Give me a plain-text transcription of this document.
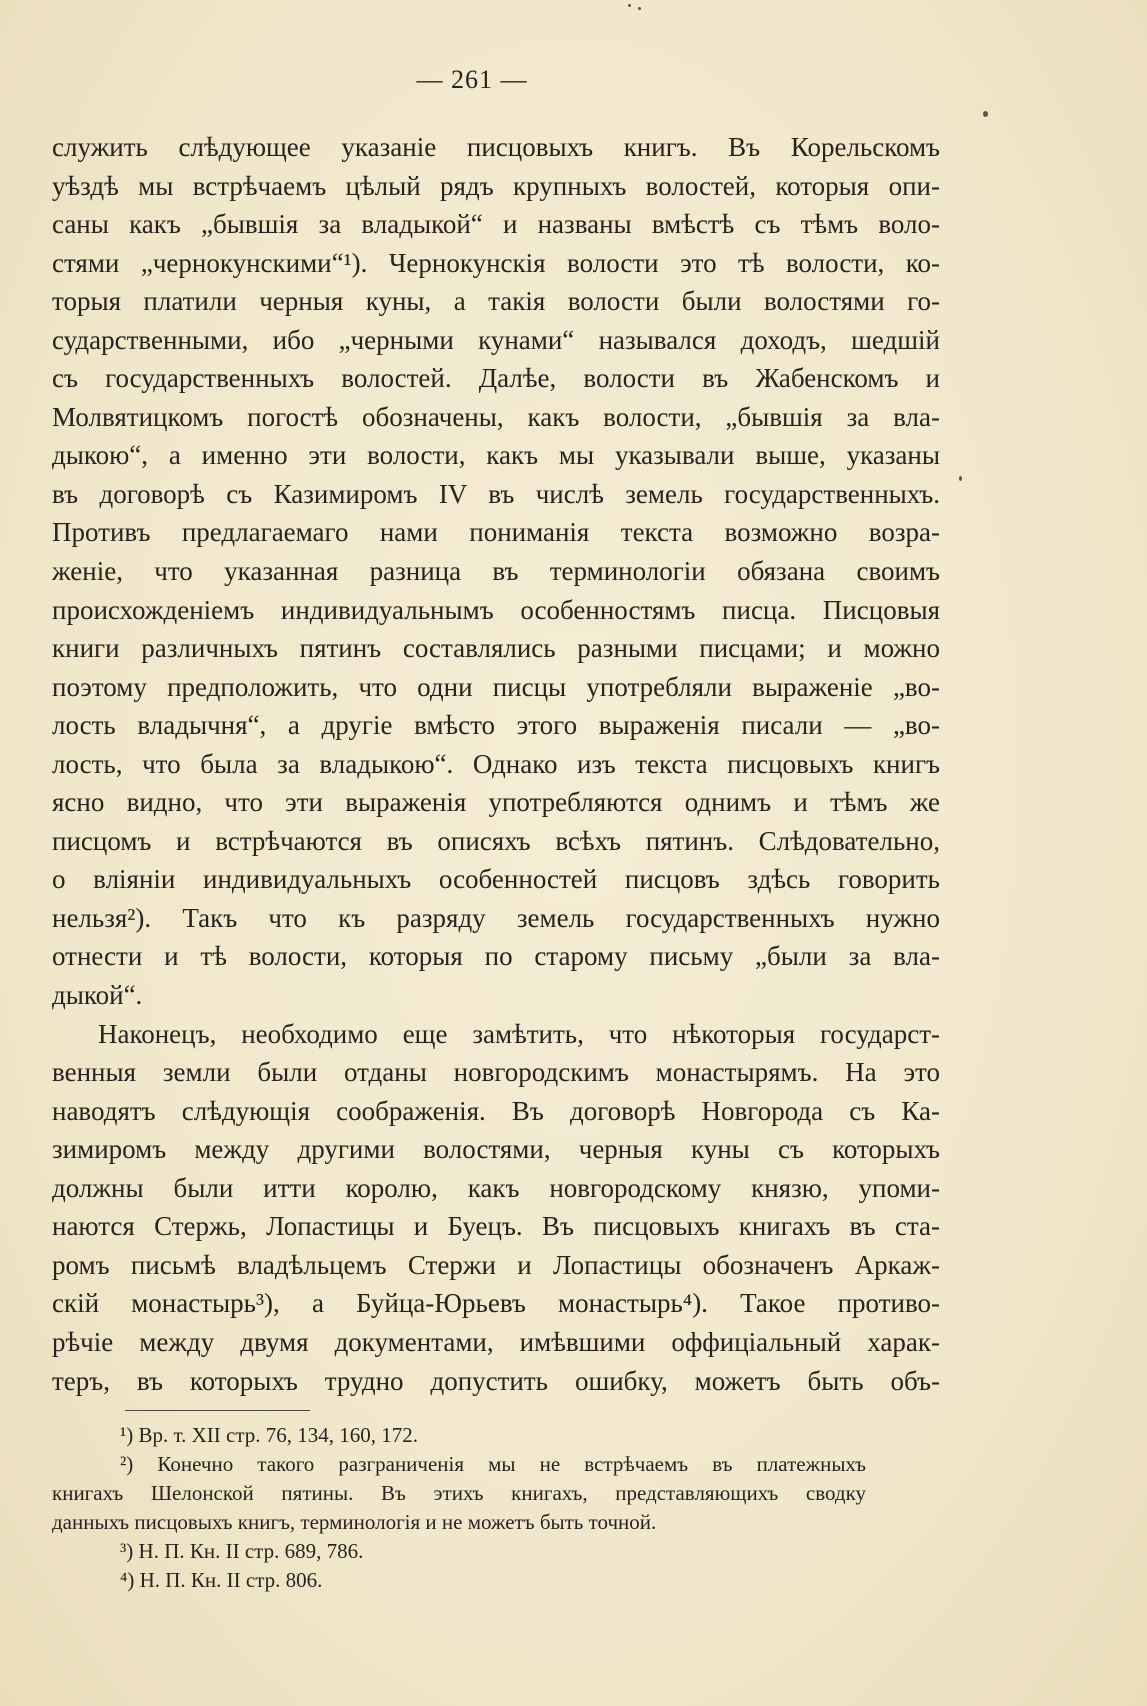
— 261 —
служить слѣдующее указаніе писцовыхъ книгъ. Въ Корельскомъ
уѣздѣ мы встрѣчаемъ цѣлый рядъ крупныхъ волостей, которыя опи-
саны какъ „бывшія за владыкой“ и названы вмѣстѣ съ тѣмъ воло-
стями „чернокунскими“¹). Чернокунскія волости это тѣ волости, ко-
торыя платили черныя куны, а такія волости были волостями го-
сударственными, ибо „черными кунами“ назывался доходъ, шедшій
съ государственныхъ волостей. Далѣе, волости въ Жабенскомъ и
Молвятицкомъ погостѣ обозначены, какъ волости, „бывшія за вла-
дыкою“, а именно эти волости, какъ мы указывали выше, указаны
въ договорѣ съ Казимиромъ IV въ числѣ земель государственныхъ.
Противъ предлагаемаго нами пониманія текста возможно возра-
женіе, что указанная разница въ терминологіи обязана своимъ
происхожденіемъ индивидуальнымъ особенностямъ писца. Писцовыя
книги различныхъ пятинъ составлялись разными писцами; и можно
поэтому предположить, что одни писцы употребляли выраженіе „во-
лость владычня“, а другіе вмѣсто этого выраженія писали — „во-
лость, что была за владыкою“. Однако изъ текста писцовыхъ книгъ
ясно видно, что эти выраженія употребляются однимъ и тѣмъ же
писцомъ и встрѣчаются въ описяхъ всѣхъ пятинъ. Слѣдовательно,
о вліяніи индивидуальныхъ особенностей писцовъ здѣсь говорить
нельзя²). Такъ что къ разряду земель государственныхъ нужно
отнести и тѣ волости, которыя по старому письму „были за вла-
дыкой“.
Наконецъ, необходимо еще замѣтить, что нѣкоторыя государст-
венныя земли были отданы новгородскимъ монастырямъ. На это
наводятъ слѣдующія соображенія. Въ договорѣ Новгорода съ Ка-
зимиромъ между другими волостями, черныя куны съ которыхъ
должны были итти королю, какъ новгородскому князю, упоми-
наются Стержь, Лопастицы и Буецъ. Въ писцовыхъ книгахъ въ ста-
ромъ письмѣ владѣльцемъ Стержи и Лопастицы обозначенъ Аркаж-
скій монастырь³), а Буйца-Юрьевъ монастырь⁴). Такое противо-
рѣчіе между двумя документами, имѣвшими оффиціальный харак-
теръ, въ которыхъ трудно допустить ошибку, можетъ быть объ-
¹) Вр. т. XII стр. 76, 134, 160, 172.
²) Конечно такого разграниченія мы не встрѣчаемъ въ платежныхъ
книгахъ Шелонской пятины. Въ этихъ книгахъ, представляющихъ сводку
данныхъ писцовыхъ книгъ, терминологія и не можетъ быть точной.
³) Н. П. Кн. II стр. 689, 786.
⁴) Н. П. Кн. II стр. 806.
